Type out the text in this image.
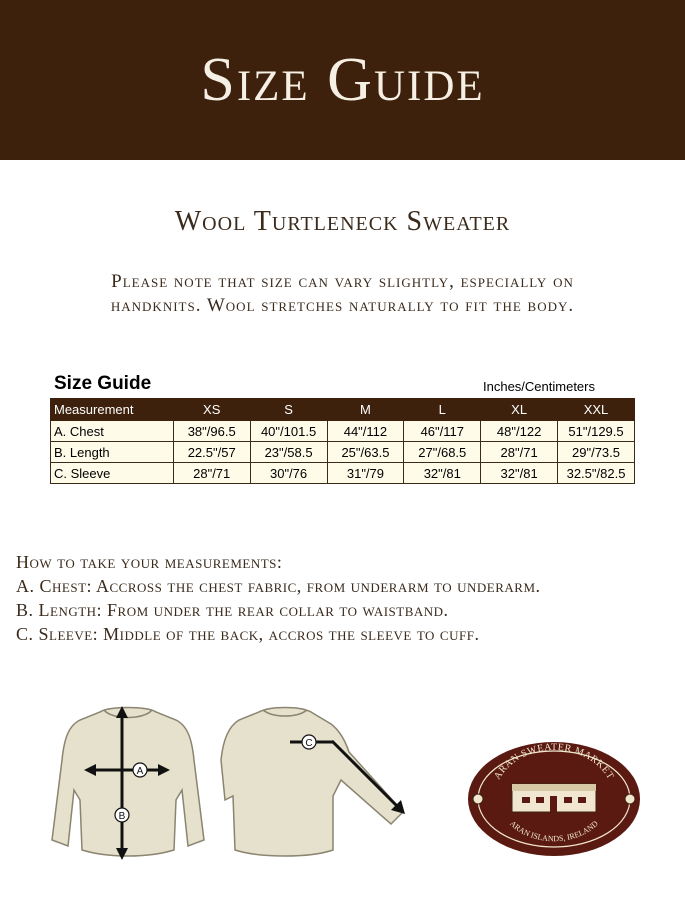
Size Guide
Wool Turtleneck Sweater
Please note that size can vary slightly, especially on
handknits. Wool stretches naturally to fit the body.
Size Guide	Inches/Centimeters
Measurement	XS	S	M	L	XL	XXL
A. Chest	38"/96.5	40"/101.5	44"/112	46"/117	48"/122	51"/129.5
B. Length	22.5"/57	23"/58.5	25"/63.5	27"/68.5	28"/71	29"/73.5
C. Sleeve	28"/71	30"/76	31"/79	32"/81	32"/81	32.5"/82.5
How to take your measurements:
A. Chest: Accross the chest fabric, from underarm to underarm.
B. Length: From under the rear collar to waistband.
C. Sleeve: Middle of the back, accros the sleeve to cuff.
A
B
C
ARAN SWEATER MARKET
ARAN ISLANDS, IRELAND
